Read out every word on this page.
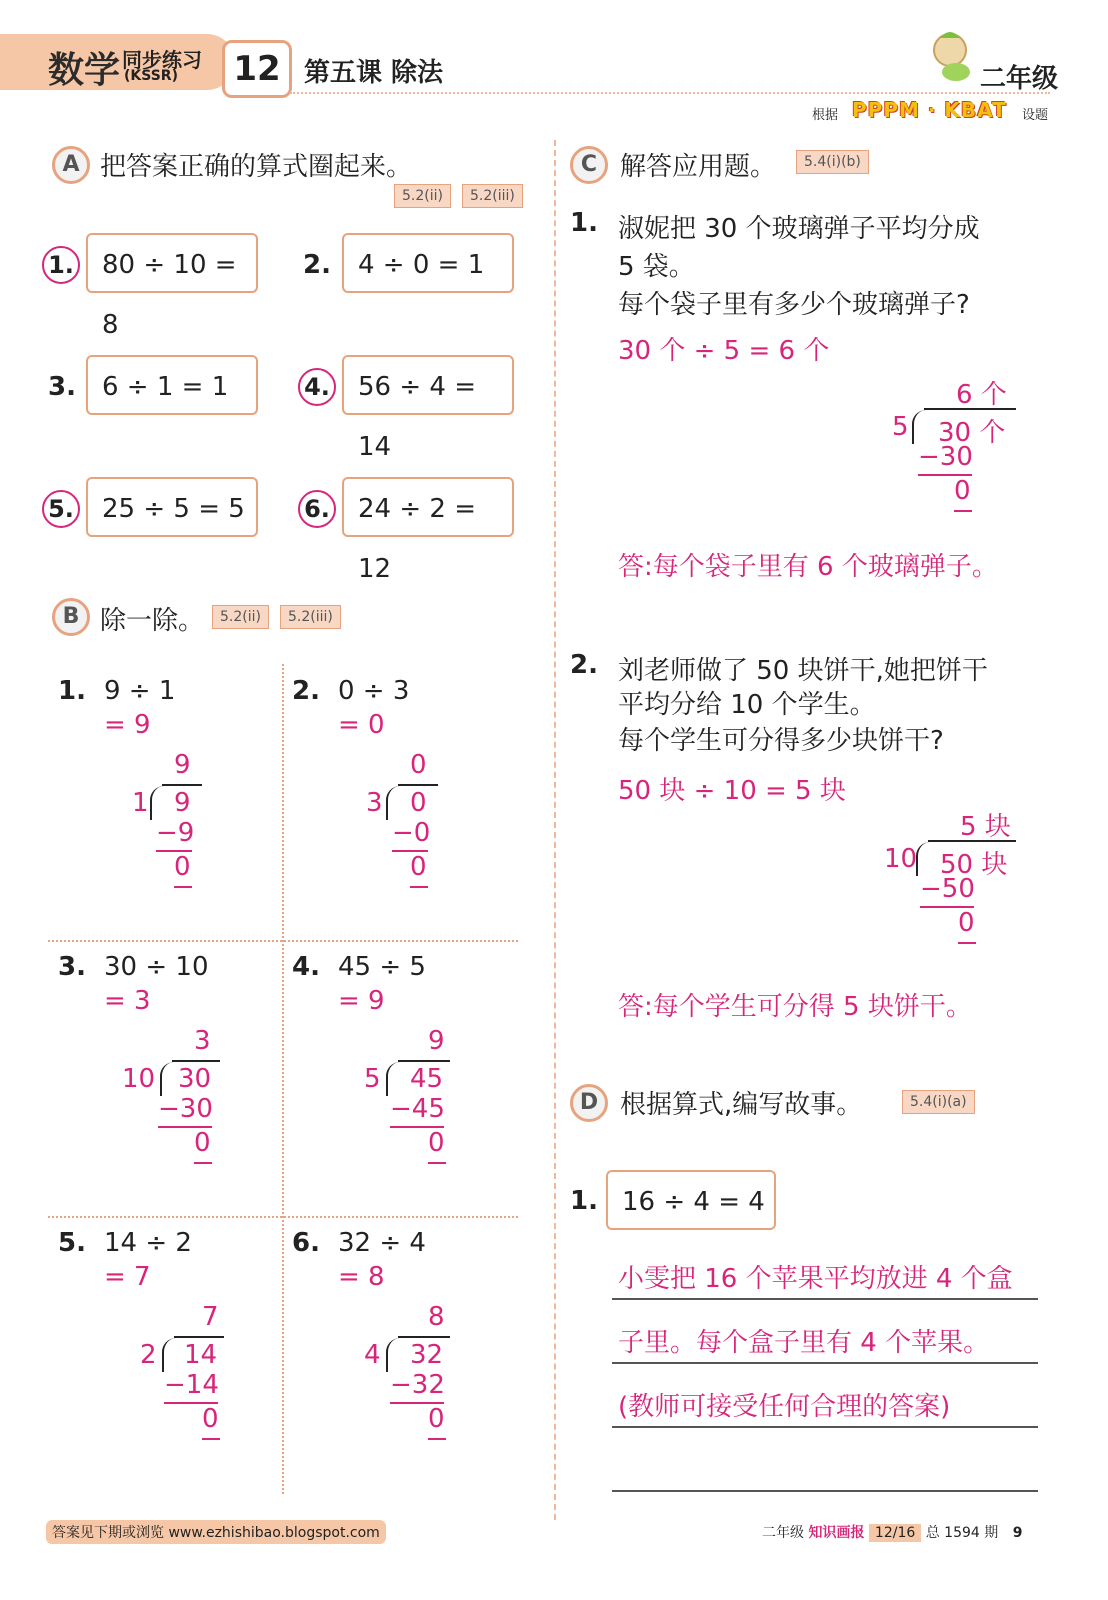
数学 同步练习
(KSSR)	12 第五课 除法	二年级
根据 PPPM · KBAT 设题
A 把答案正确的算式圈起来。
5.2(ii)	5.2(iii)
1.	80 ÷ 10 = 8
2.	4 ÷ 0 = 1
3.	6 ÷ 1 = 1	4.	56 ÷ 4 = 14
5.	25 ÷ 5 = 5	6.	24 ÷ 2 = 12
B 除一除。	5.2(ii)	5.2(iii)
1. 9 ÷ 1
= 9
9
1 9
−9
0
2. 0 ÷ 3
= 0
0
3 0
−0
0
3. 30 ÷ 10
= 3
3
10 30
−30
0
4. 45 ÷ 5
= 9
9
5 45
−45
0
5. 14 ÷ 2
= 7
7
2 14
−14
0
6. 32 ÷ 4
= 8
8
4 32
−32
0
C 解答应用题。	5.4(i)(b)
1. 淑妮把 30 个玻璃弹子平均分成
5 袋。
每个袋子里有多少个玻璃弹子?
30 个 ÷ 5 = 6 个
6 个
5 30 个
−30
0
答:每个袋子里有 6 个玻璃弹子。
2. 刘老师做了 50 块饼干,她把饼干
平均分给 10 个学生。
每个学生可分得多少块饼干?
50 块 ÷ 10 = 5 块
5 块
10 50 块
−50
0
答:每个学生可分得 5 块饼干。
D 根据算式,编写故事。	5.4(i)(a)
1. 16 ÷ 4 = 4
小雯把 16 个苹果平均放进 4 个盒
子里。每个盒子里有 4 个苹果。
(教师可接受任何合理的答案)
答案见下期或浏览 www.ezhishibao.blogspot.com	二年级 知识画报 12/16 总 1594 期 9
